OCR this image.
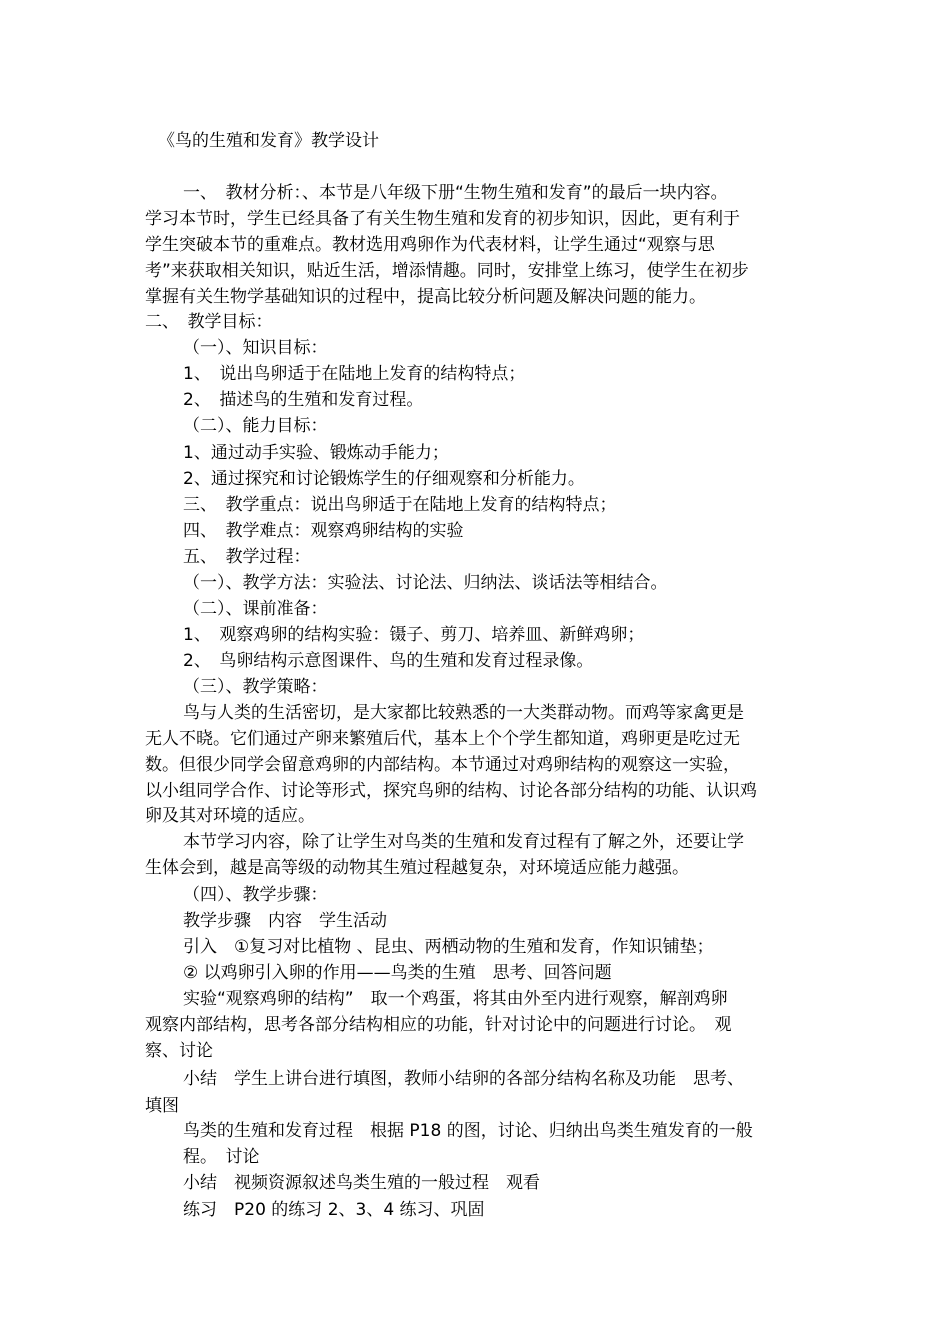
《鸟的生殖和发育》教学设计
一、　教材分析：、本节是八年级下册“生物生殖和发育”的最后一块内容。
学习本节时，学生已经具备了有关生物生殖和发育的初步知识，因此，更有利于
学生突破本节的重难点。教材选用鸡卵作为代表材料，让学生通过“观察与思
考”来获取相关知识，贴近生活，增添情趣。同时，安排堂上练习，使学生在初步
掌握有关生物学基础知识的过程中，提高比较分析问题及解决问题的能力。
二、　教学目标：
（一）、知识目标：
1、　说出鸟卵适于在陆地上发育的结构特点；
2、　描述鸟的生殖和发育过程。
（二）、能力目标：
1、通过动手实验、锻炼动手能力；
2、通过探究和讨论锻炼学生的仔细观察和分析能力。
三、　教学重点：说出鸟卵适于在陆地上发育的结构特点；
四、　教学难点：观察鸡卵结构的实验
五、　教学过程：
（一）、教学方法：实验法、讨论法、归纳法、谈话法等相结合。
（二）、课前准备：
1、　观察鸡卵的结构实验：镊子、剪刀、培养皿、新鲜鸡卵；
2、　鸟卵结构示意图课件、鸟的生殖和发育过程录像。
（三）、教学策略：
鸟与人类的生活密切，是大家都比较熟悉的一大类群动物。而鸡等家禽更是
无人不晓。它们通过产卵来繁殖后代，基本上个个学生都知道，鸡卵更是吃过无
数。但很少同学会留意鸡卵的内部结构。本节通过对鸡卵结构的观察这一实验，
以小组同学合作、讨论等形式，探究鸟卵的结构、讨论各部分结构的功能、认识鸡
卵及其对环境的适应。
本节学习内容，除了让学生对鸟类的生殖和发育过程有了解之外，还要让学
生体会到，越是高等级的动物其生殖过程越复杂，对环境适应能力越强。
（四）、教学步骤：
教学步骤　内容　学生活动
引入　①复习对比植物 、昆虫、两栖动物的生殖和发育，作知识铺垫；
② 以鸡卵引入卵的作用——鸟类的生殖　思考、回答问题
实验“观察鸡卵的结构”　取一个鸡蛋，将其由外至内进行观察，解剖鸡卵
观察内部结构，思考各部分结构相应的功能，针对讨论中的问题进行讨论。　观
察、讨论
小结　学生上讲台进行填图，教师小结卵的各部分结构名称及功能　思考、
填图
鸟类的生殖和发育过程　根据 P18 的图，讨论、归纳出鸟类生殖发育的一般
程。　讨论
小结　视频资源叙述鸟类生殖的一般过程　观看
练习　P20 的练习 2、3、4 练习、巩固
